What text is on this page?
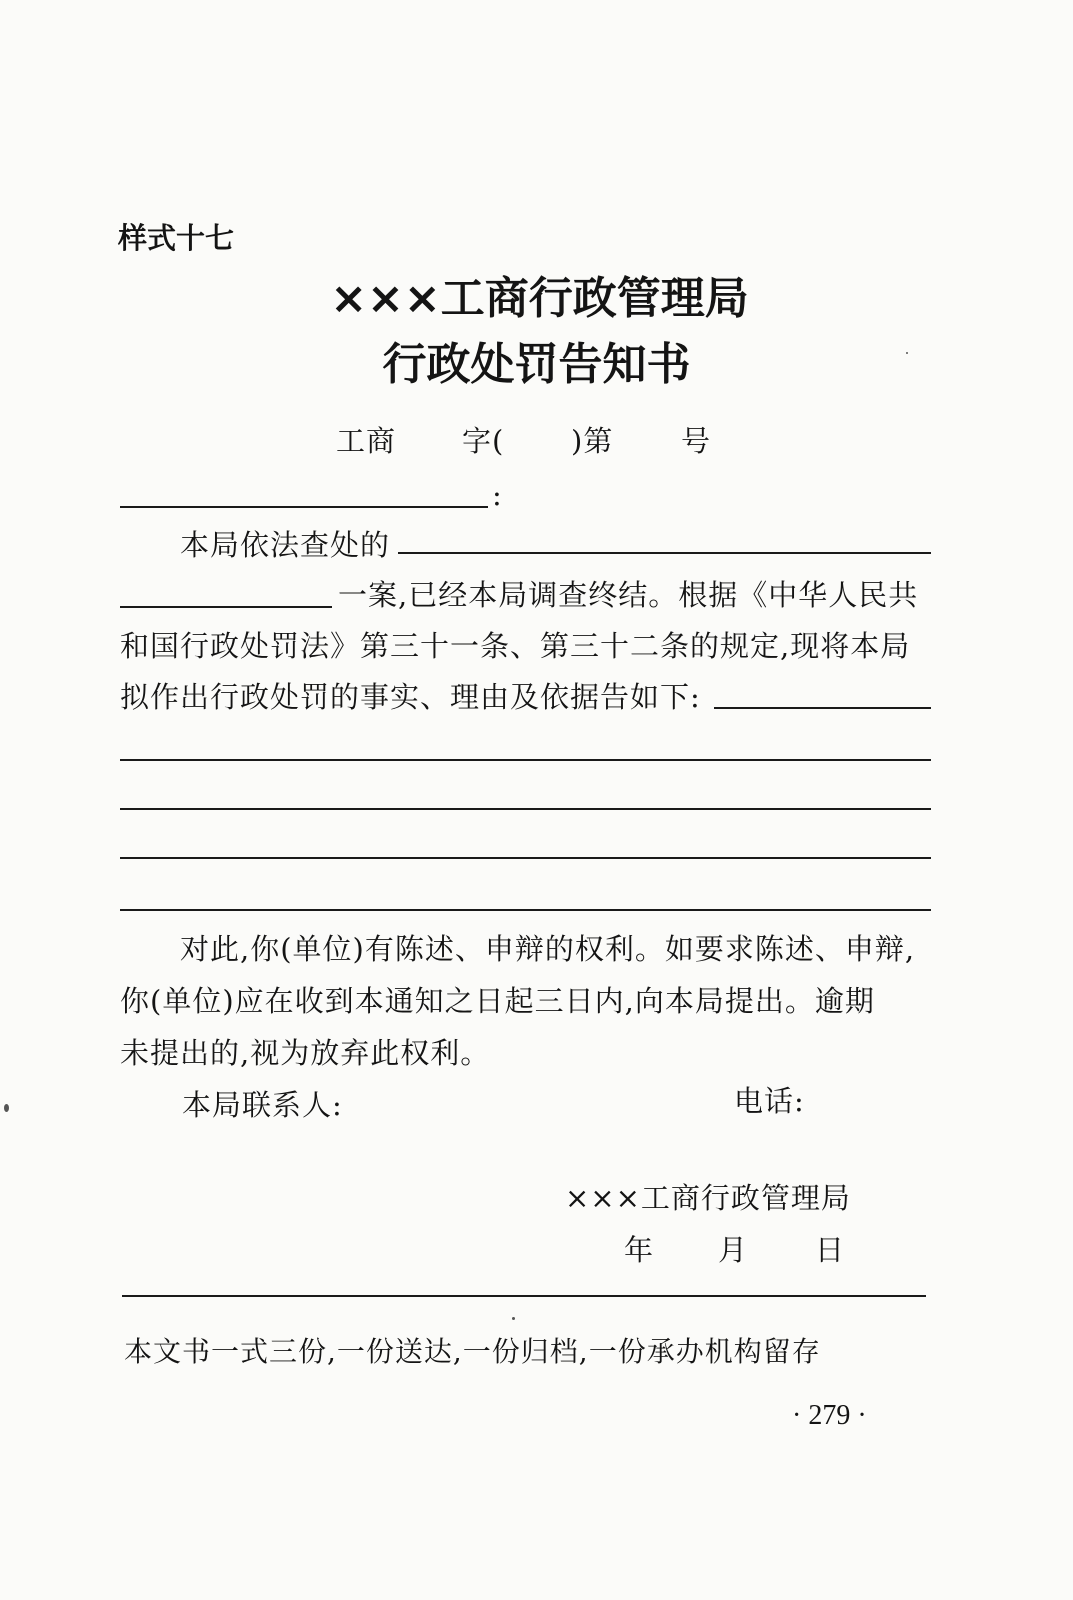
样式十七
×××工商行政管理局
行政处罚告知书
工商 字( )第 号
:
本局依法查处的
一案,已经本局调查终结。根据《中华人民共
和国行政处罚法》第三十一条、第三十二条的规定,现将本局
拟作出行政处罚的事实、理由及依据告如下:
对此,你(单位)有陈述、申辩的权利。如要求陈述、申辩,
你(单位)应在收到本通知之日起三日内,向本局提出。逾期
未提出的,视为放弃此权利。
本局联系人:	电话:
×××工商行政管理局
年 月 日
本文书一式三份,一份送达,一份归档,一份承办机构留存
· 279 ·
